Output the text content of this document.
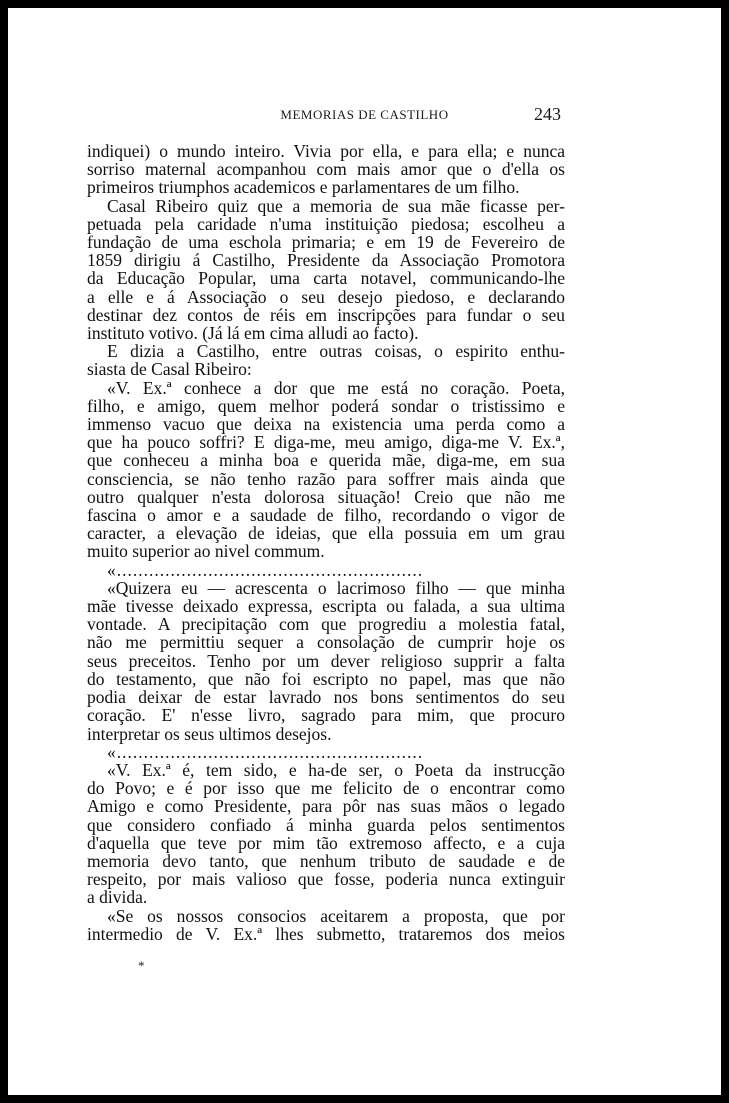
MEMORIAS DE CASTILHO	243
indiquei) o mundo inteiro. Vivia por ella, e para ella; e nunca
sorriso maternal acompanhou com mais amor que o d'ella os
primeiros triumphos academicos e parlamentares de um filho.
Casal Ribeiro quiz que a memoria de sua mãe ficasse per-
petuada pela caridade n'uma instituição piedosa; escolheu a
fundação de uma eschola primaria; e em 19 de Fevereiro de
1859 dirigiu á Castilho, Presidente da Associação Promotora
da Educação Popular, uma carta notavel, communicando-lhe
a elle e á Associação o seu desejo piedoso, e declarando
destinar dez contos de réis em inscripções para fundar o seu
instituto votivo. (Já lá em cima alludi ao facto).
E dizia a Castilho, entre outras coisas, o espirito enthu-
siasta de Casal Ribeiro:
«V. Ex.ª conhece a dor que me está no coração. Poeta,
filho, e amigo, quem melhor poderá sondar o tristissimo e
immenso vacuo que deixa na existencia uma perda como a
que ha pouco soffri? E diga-me, meu amigo, diga-me V. Ex.ª,
que conheceu a minha boa e querida mãe, diga-me, em sua
consciencia, se não tenho razão para soffrer mais ainda que
outro qualquer n'esta dolorosa situação! Creio que não me
fascina o amor e a saudade de filho, recordando o vigor de
caracter, a elevação de ideias, que ella possuia em um grau
muito superior ao nivel commum.
«.........................................................
«Quizera eu — acrescenta o lacrimoso filho — que minha
mãe tivesse deixado expressa, escripta ou falada, a sua ultima
vontade. A precipitação com que progrediu a molestia fatal,
não me permittiu sequer a consolação de cumprir hoje os
seus preceitos. Tenho por um dever religioso supprir a falta
do testamento, que não foi escripto no papel, mas que não
podia deixar de estar lavrado nos bons sentimentos do seu
coração. E' n'esse livro, sagrado para mim, que procuro
interpretar os seus ultimos desejos.
«.........................................................
«V. Ex.ª é, tem sido, e ha-de ser, o Poeta da instrucção
do Povo; e é por isso que me felicito de o encontrar como
Amigo e como Presidente, para pôr nas suas mãos o legado
que considero confiado á minha guarda pelos sentimentos
d'aquella que teve por mim tão extremoso affecto, e a cuja
memoria devo tanto, que nenhum tributo de saudade e de
respeito, por mais valioso que fosse, poderia nunca extinguir
a divida.
«Se os nossos consocios aceitarem a proposta, que por
intermedio de V. Ex.ª lhes submetto, trataremos dos meios
*
